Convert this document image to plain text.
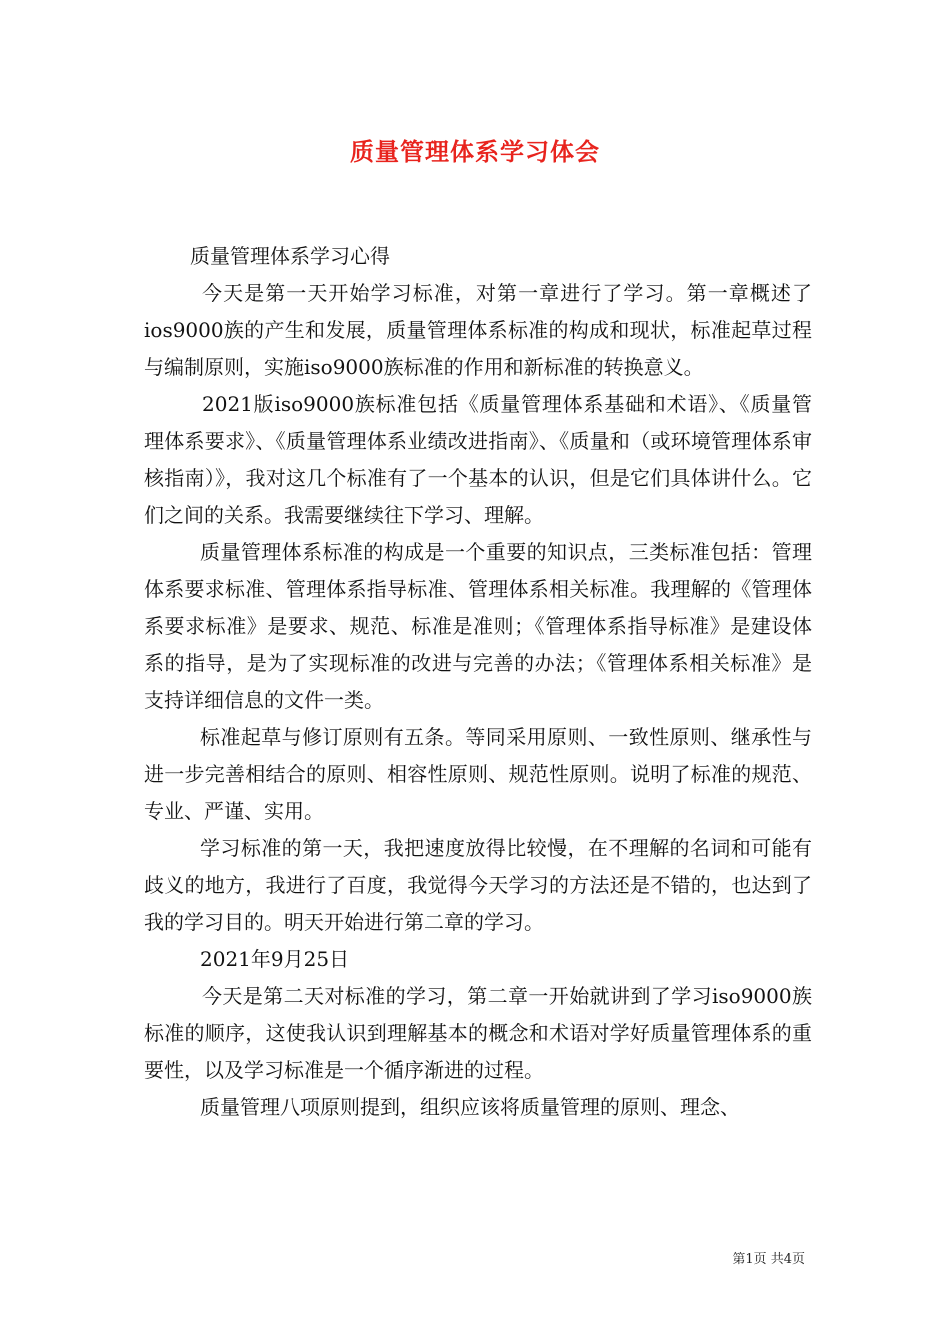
质量管理体系学习体会

质量管理体系学习心得

今天是第一天开始学习标准，对第一章进行了学习。第一章概述了ios9000族的产生和发展，质量管理体系标准的构成和现状，标准起草过程与编制原则，实施iso9000族标准的作用和新标准的转换意义。

2021版iso9000族标准包括《质量管理体系基础和术语》、《质量管理体系要求》、《质量管理体系业绩改进指南》、《质量和（或环境管理体系审核指南）》，我对这几个标准有了一个基本的认识，但是它们具体讲什么。它们之间的关系。我需要继续往下学习、理解。

质量管理体系标准的构成是一个重要的知识点，三类标准包括：管理体系要求标准、管理体系指导标准、管理体系相关标准。我理解的《管理体系要求标准》是要求、规范、标准是准则；《管理体系指导标准》是建设体系的指导，是为了实现标准的改进与完善的办法；《管理体系相关标准》是支持详细信息的文件一类。

标准起草与修订原则有五条。等同采用原则、一致性原则、继承性与进一步完善相结合的原则、相容性原则、规范性原则。说明了标准的规范、专业、严谨、实用。

学习标准的第一天，我把速度放得比较慢，在不理解的名词和可能有歧义的地方，我进行了百度，我觉得今天学习的方法还是不错的，也达到了我的学习目的。明天开始进行第二章的学习。

2021年9月25日

今天是第二天对标准的学习，第二章一开始就讲到了学习iso9000族标准的顺序，这使我认识到理解基本的概念和术语对学好质量管理体系的重要性，以及学习标准是一个循序渐进的过程。

质量管理八项原则提到，组织应该将质量管理的原则、理念、

第1页 共4页
